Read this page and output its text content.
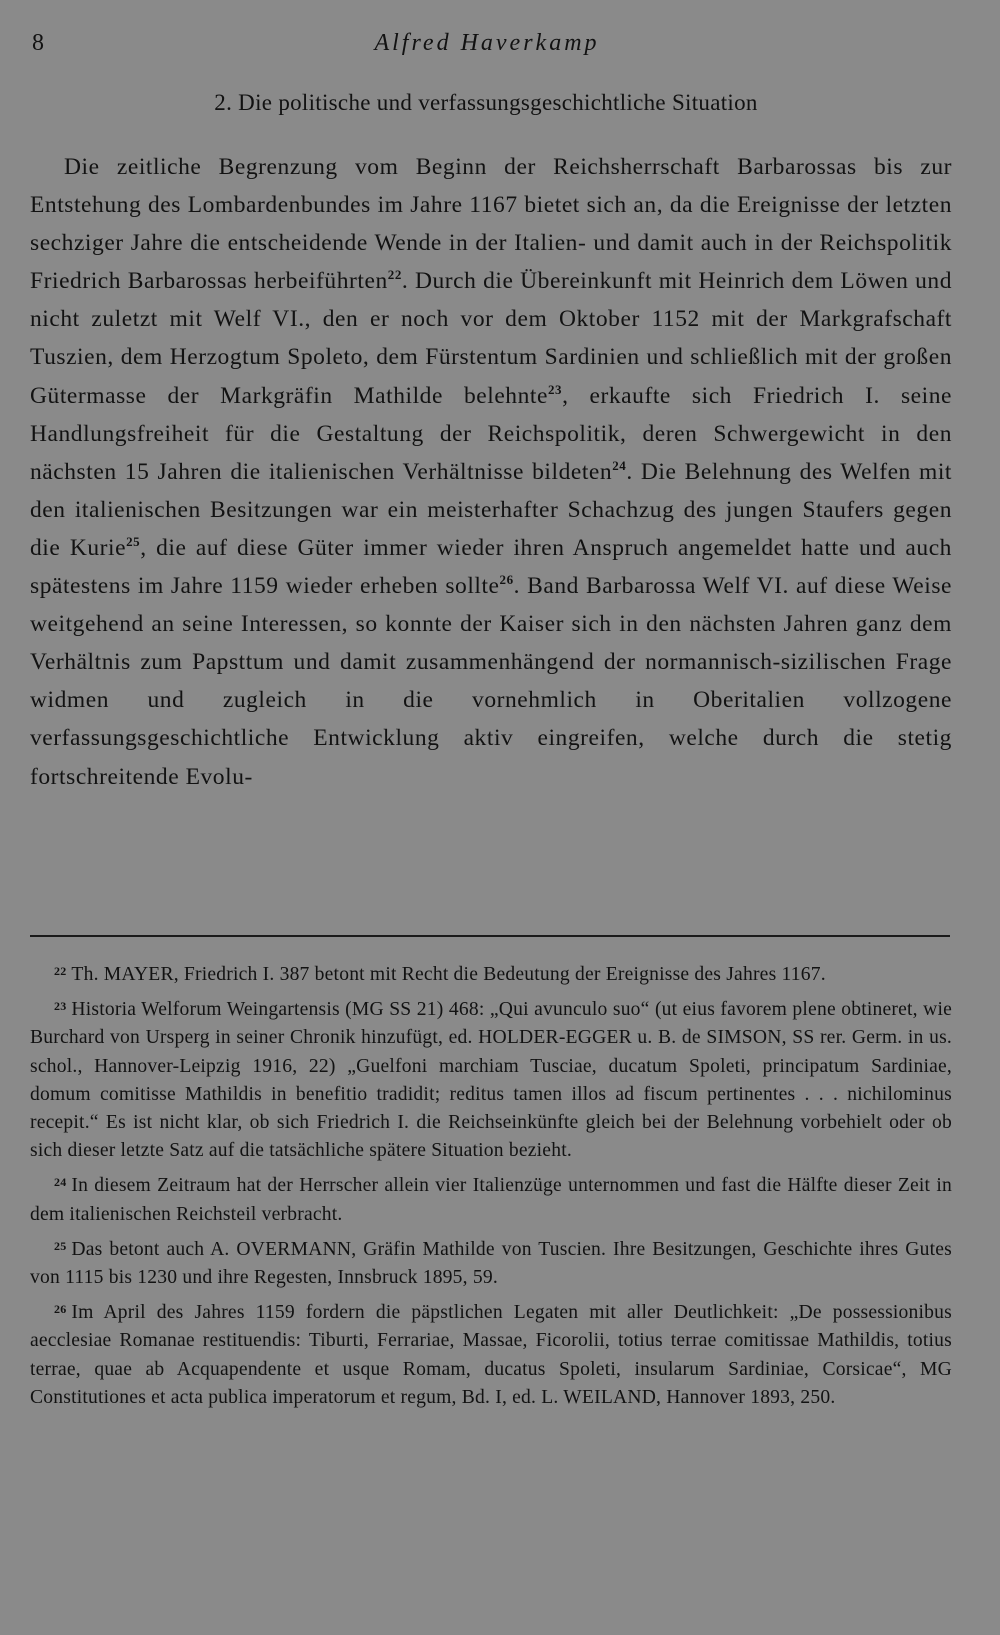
8	Alfred Haverkamp
2. Die politische und verfassungsgeschichtliche Situation

Die zeitliche Begrenzung vom Beginn der Reichsherrschaft Barbarossas bis zur Entstehung des Lombardenbundes im Jahre 1167 bietet sich an, da die Ereignisse der letzten sechziger Jahre die entscheidende Wende in der Italien- und damit auch in der Reichspolitik Friedrich Barbarossas herbeiführten$^{22}$. Durch die Übereinkunft mit Heinrich dem Löwen und nicht zuletzt mit Welf VI., den er noch vor dem Oktober 1152 mit der Markgrafschaft Tuszien, dem Herzogtum Spoleto, dem Fürstentum Sardinien und schließlich mit der großen Gütermasse der Markgräfin Mathilde belehnte$^{23}$, erkaufte sich Friedrich I. seine Handlungsfreiheit für die Gestaltung der Reichspolitik, deren Schwergewicht in den nächsten 15 Jahren die italienischen Verhältnisse bildeten$^{24}$. Die Belehnung des Welfen mit den italienischen Besitzungen war ein meisterhafter Schachzug des jungen Staufers gegen die Kurie$^{25}$, die auf diese Güter immer wieder ihren Anspruch angemeldet hatte und auch spätestens im Jahre 1159 wieder erheben sollte$^{26}$. Band Barbarossa Welf VI. auf diese Weise weitgehend an seine Interessen, so konnte der Kaiser sich in den nächsten Jahren ganz dem Verhältnis zum Papsttum und damit zusammenhängend der normannisch-sizilischen Frage widmen und zugleich in die vornehmlich in Oberitalien vollzogene verfassungsgeschichtliche Entwicklung aktiv eingreifen, welche durch die stetig fortschreitende Evolu-

$^{22}$ Th. MAYER, Friedrich I. 387 betont mit Recht die Bedeutung der Ereignisse des Jahres 1167.

$^{23}$ Historia Welforum Weingartensis (MG SS 21) 468: „Qui avunculo suo“ (ut eius favorem plene obtineret, wie Burchard von Ursperg in seiner Chronik hinzufügt, ed. HOLDER-EGGER u. B. de SIMSON, SS rer. Germ. in us. schol., Hannover-Leipzig 1916, 22) „Guelfoni marchiam Tusciae, ducatum Spoleti, principatum Sardiniae, domum comitisse Mathildis in benefitio tradidit; reditus tamen illos ad fiscum pertinentes . . . nichilominus recepit.“ Es ist nicht klar, ob sich Friedrich I. die Reichseinkünfte gleich bei der Belehnung vorbehielt oder ob sich dieser letzte Satz auf die tatsächliche spätere Situation bezieht.

$^{24}$ In diesem Zeitraum hat der Herrscher allein vier Italienzüge unternommen und fast die Hälfte dieser Zeit in dem italienischen Reichsteil verbracht.

$^{25}$ Das betont auch A. OVERMANN, Gräfin Mathilde von Tuscien. Ihre Besitzungen, Geschichte ihres Gutes von 1115 bis 1230 und ihre Regesten, Innsbruck 1895, 59.

$^{26}$ Im April des Jahres 1159 fordern die päpstlichen Legaten mit aller Deutlichkeit: „De possessionibus aecclesiae Romanae restituendis: Tiburti, Ferrariae, Massae, Ficorolii, totius terrae comitissae Mathildis, totius terrae, quae ab Acquapendente et usque Romam, ducatus Spoleti, insularum Sardiniae, Corsicae“, MG Constitutiones et acta publica imperatorum et regum, Bd. I, ed. L. WEILAND, Hannover 1893, 250.
